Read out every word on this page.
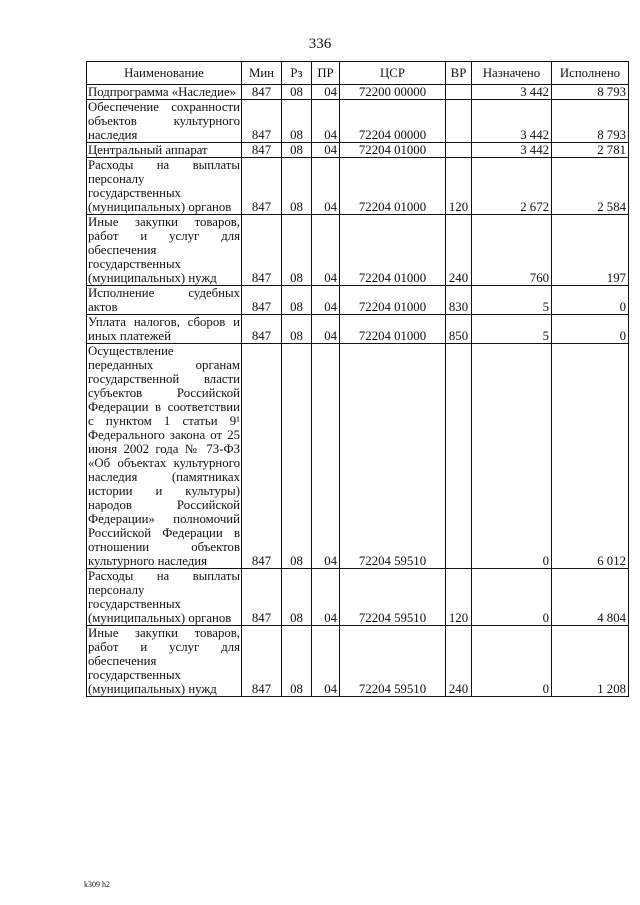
336
Наименование	Мин	Рз	ПР	ЦСР	ВР	Назначено	Исполнено
Подпрограмма «Наследие»	847	08	04	72200 00000		3 442	8 793
Обеспечение сохранности объектов культурного наследия	847	08	04	72204 00000		3 442	8 793
Центральный аппарат	847	08	04	72204 01000		3 442	2 781
Расходы на выплаты персоналу государственных (муниципальных) органов	847	08	04	72204 01000	120	2 672	2 584
Иные закупки товаров, работ и услуг для обеспечения государственных (муниципальных) нужд	847	08	04	72204 01000	240	760	197
Исполнение судебных актов	847	08	04	72204 01000	830	5	0
Уплата налогов, сборов и иных платежей	847	08	04	72204 01000	850	5	0
Осуществление переданных органам государственной власти субъектов Российской Федерации в соответствии с пунктом 1 статьи 9¹ Федерального закона от 25 июня 2002 года № 73-ФЗ «Об объектах культурного наследия (памятниках истории и культуры) народов Российской Федерации» полномочий Российской Федерации в отношении объектов культурного наследия	847	08	04	72204 59510		0	6 012
Расходы на выплаты персоналу государственных (муниципальных) органов	847	08	04	72204 59510	120	0	4 804
Иные закупки товаров, работ и услуг для обеспечения государственных (муниципальных) нужд	847	08	04	72204 59510	240	0	1 208
k309 h2
